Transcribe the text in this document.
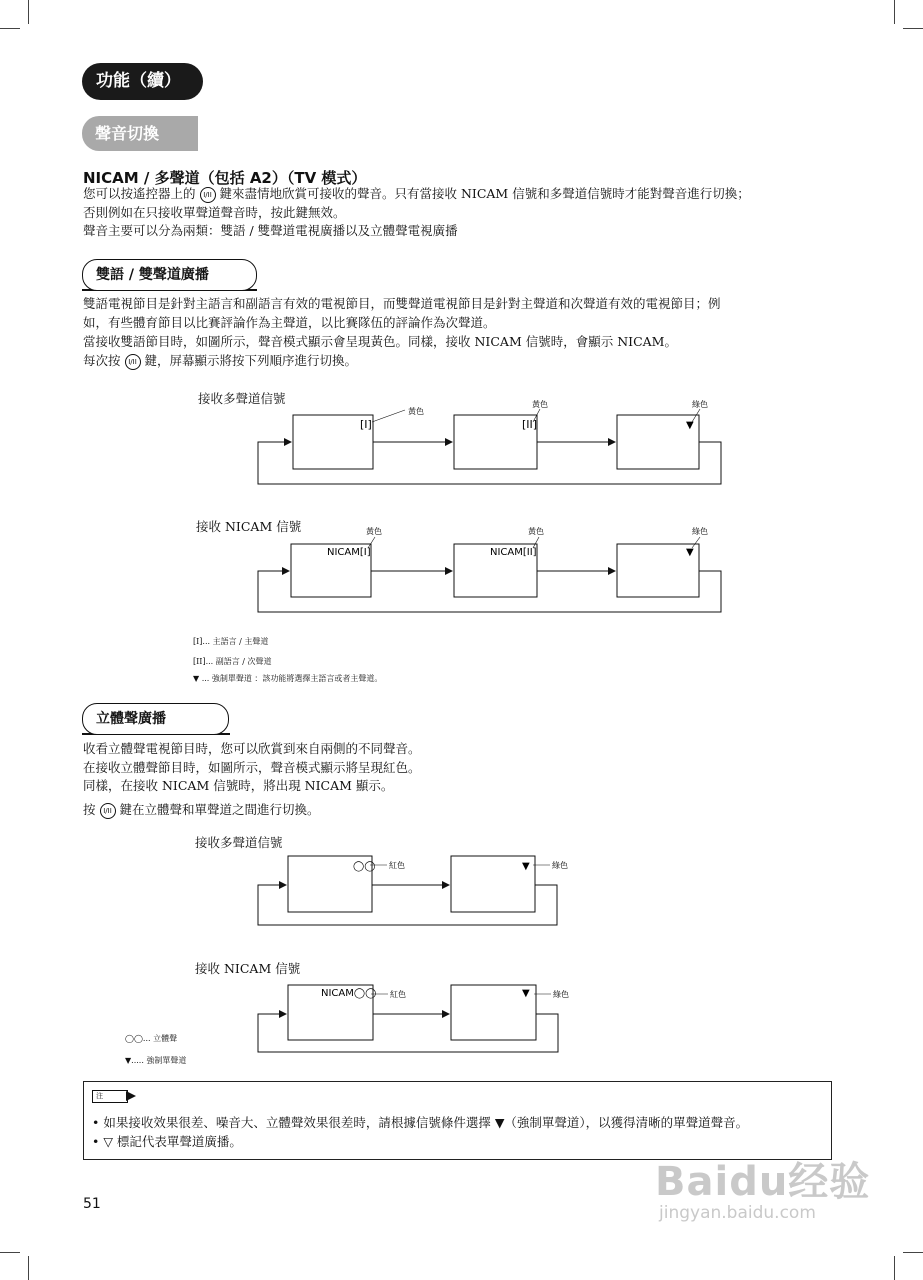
功能（續）
聲音切換
NICAM / 多聲道（包括 A2）（TV 模式）
您可以按遙控器上的 I/II 鍵來盡情地欣賞可接收的聲音。只有當接收 NICAM 信號和多聲道信號時才能對聲音進行切換；
否則例如在只接收單聲道聲音時，按此鍵無效。
聲音主要可以分為兩類：雙語 / 雙聲道電視廣播以及立體聲電視廣播
雙語 / 雙聲道廣播
雙語電視節目是針對主語言和副語言有效的電視節目，而雙聲道電視節目是針對主聲道和次聲道有效的電視節目；例
如，有些體育節目以比賽評論作為主聲道，以比賽隊伍的評論作為次聲道。
當接收雙語節目時，如圖所示，聲音模式顯示會呈現黃色。同樣，接收 NICAM 信號時，會顯示 NICAM。
每次按 I/II 鍵，屏幕顯示將按下列順序進行切換。
接收多聲道信號
[I]	[II]	▼
黃色
黃色	綠色
接收 NICAM 信號
NICAM[I]	NICAM[II]	▼
黃色	黃色	綠色
[I]... 主語言 / 主聲道
[II]... 副語言 / 次聲道
▼ ... 強制單聲道 ：該功能將選擇主語言或者主聲道。
立體聲廣播
收看立體聲電視節目時，您可以欣賞到來自兩側的不同聲音。
在接收立體聲節目時，如圖所示，聲音模式顯示將呈現紅色。
同樣，在接收 NICAM 信號時，將出現 NICAM 顯示。
按 I/II 鍵在立體聲和單聲道之間進行切換。
接收多聲道信號
◯◯	▼
紅色	綠色
接收 NICAM 信號
NICAM◯◯	▼
紅色	綠色
◯◯... 立體聲
▼..... 強制單聲道
注
• 如果接收效果很差、噪音大、立體聲效果很差時，請根據信號條件選擇 ▼（強制單聲道），以獲得清晰的單聲道聲音。
• ▽ 標記代表單聲道廣播。
51	Baidu经验
jingyan.baidu.com
